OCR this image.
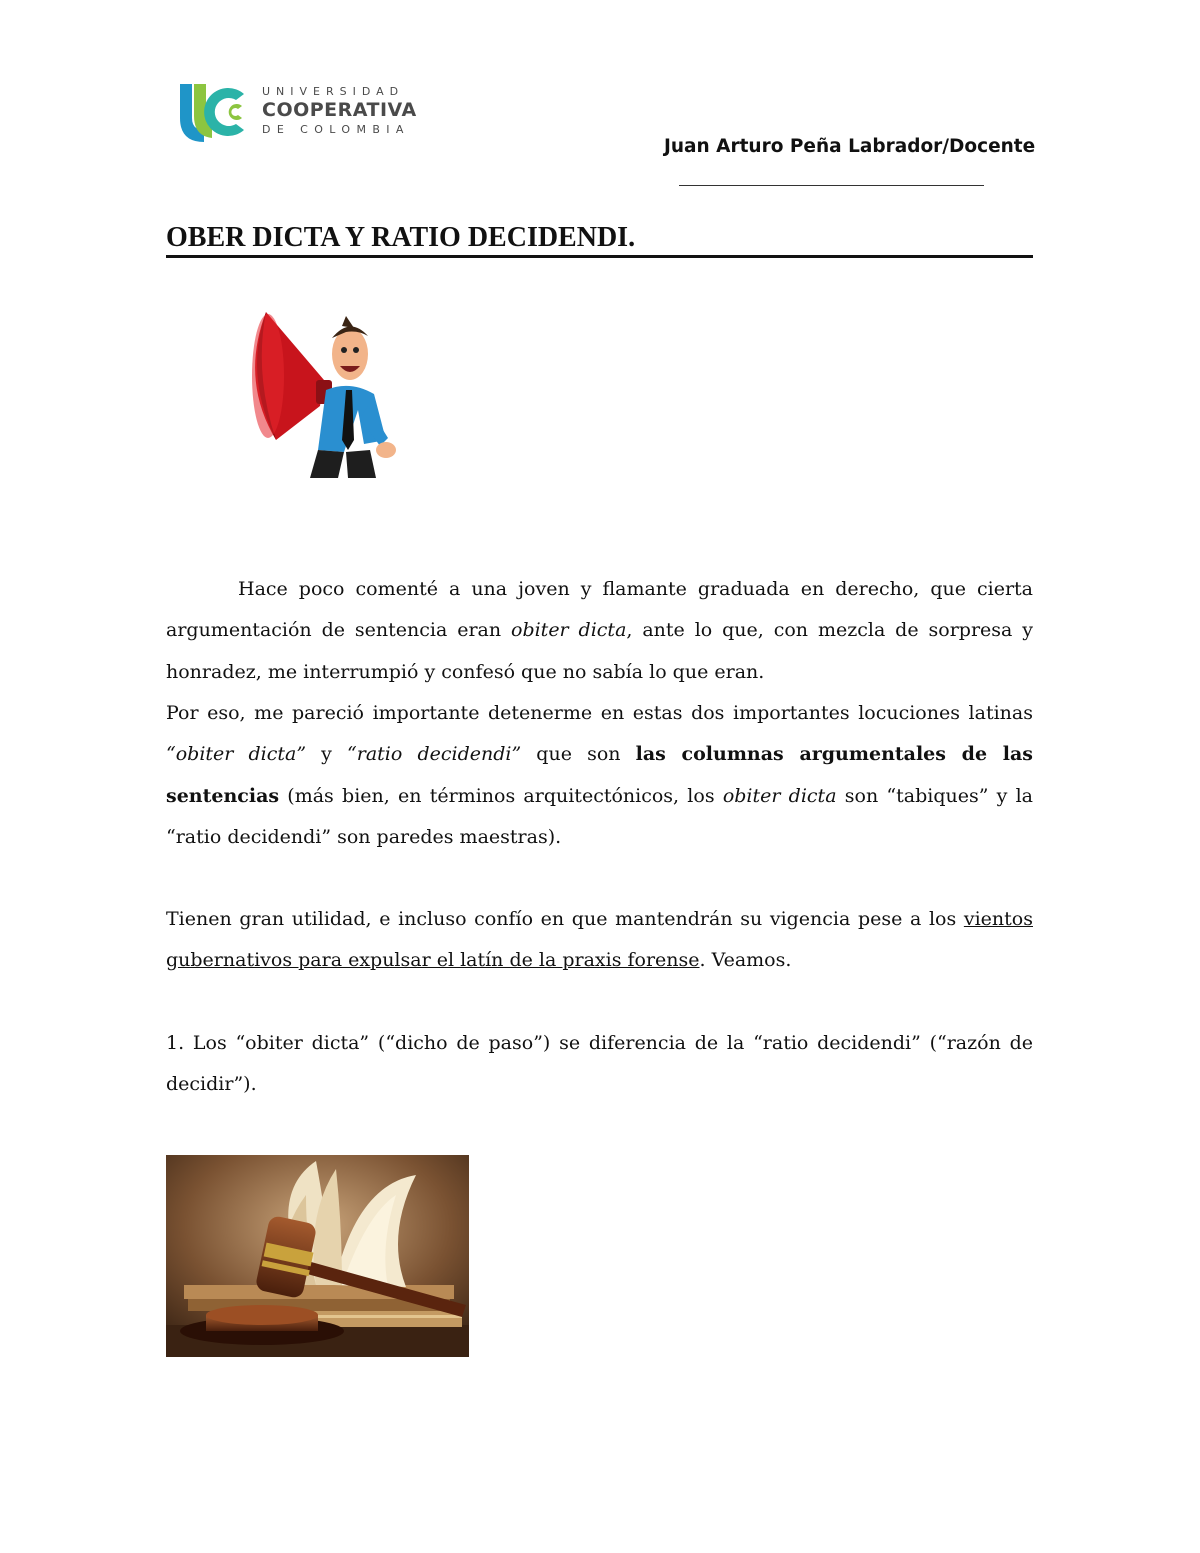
UNIVERSIDAD
COOPERATIVA
DE COLOMBIA
Juan Arturo Peña Labrador/Docente
OBER DICTA Y RATIO DECIDENDI.

Hace poco comenté a una joven y flamante graduada en derecho, que cierta argumentación de sentencia eran obiter dicta, ante lo que, con mezcla de sorpresa y honradez, me interrumpió y confesó que no sabía lo que eran.

Por eso, me pareció importante detenerme en estas dos importantes locuciones latinas “obiter dicta” y “ratio decidendi” que son las columnas argumentales de las sentencias (más bien, en términos arquitectónicos, los obiter dicta son “tabiques” y la “ratio decidendi” son paredes maestras).

Tienen gran utilidad, e incluso confío en que mantendrán su vigencia pese a los vientos gubernativos para expulsar el latín de la praxis forense. Veamos.

1. Los “obiter dicta” (“dicho de paso”) se diferencia de la “ratio decidendi” (“razón de decidir”).
